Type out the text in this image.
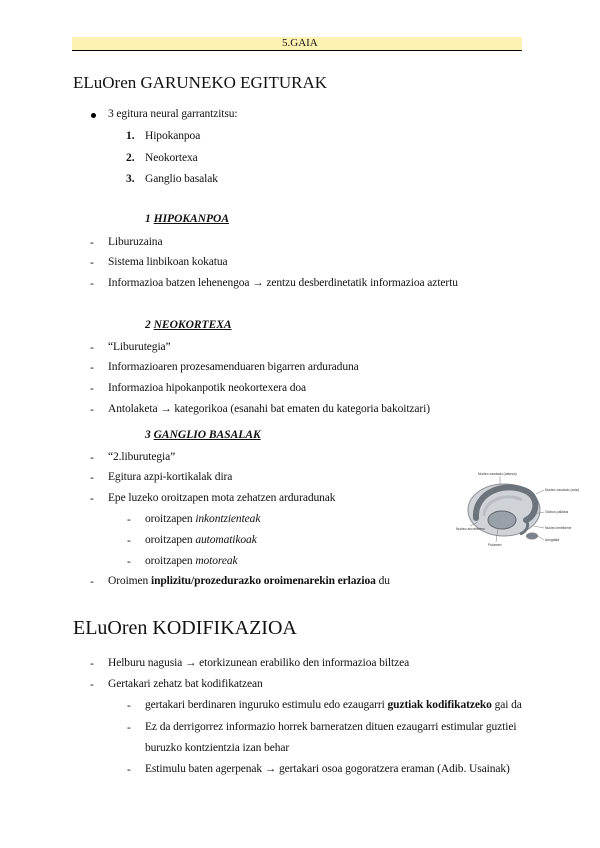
5.GAIA
ELuOren GARUNEKO EGITURAK
3 egitura neural garrantzitsu:
1. Hipokanpoa
2. Neokortexa
3. Ganglio basalak
1 HIPOKANPOA
- Liburuzaina
- Sistema linbikoan kokatua
- Informazioa batzen lehenengoa → zentzu desberdinetatik informazioa aztertu
2 NEOKORTEXA
- “Liburutegia”
- Informazioaren prozesamenduaren bigarren arduraduna
- Informazioa hipokanpotik neokortexera doa
- Antolaketa → kategorikoa (esanahi bat ematen du kategoria bakoitzari)
3 GANGLIO BASALAK
- “2.liburutegia”
- Egitura azpi-kortikalak dira
- Epe luzeko oroitzapen mota zehatzen arduradunak
- oroitzapen inkontzienteak
- oroitzapen automatikoak
- oroitzapen motoreak
- Oroimen inplizitu/prozedurazko oroimenarekin erlazioa du
Nucleo caudado (cabeza)
Nucleo caudado (cola)
Globus pallidus
Nucleo lentiforme
Amigdala
Nucleo accumbens
Putamen
ELuOren KODIFIKAZIOA
- Helburu nagusia → etorkizunean erabiliko den informazioa biltzea
- Gertakari zehatz bat kodifikatzean
- gertakari berdinaren inguruko estimulu edo ezaugarri guztiak kodifikatzeko gai da
- Ez da derrigorrez informazio horrek barneratzen dituen ezaugarri estimular guztiei
buruzko kontzientzia izan behar
- Estimulu baten agerpenak → gertakari osoa gogoratzera eraman (Adib. Usainak)
